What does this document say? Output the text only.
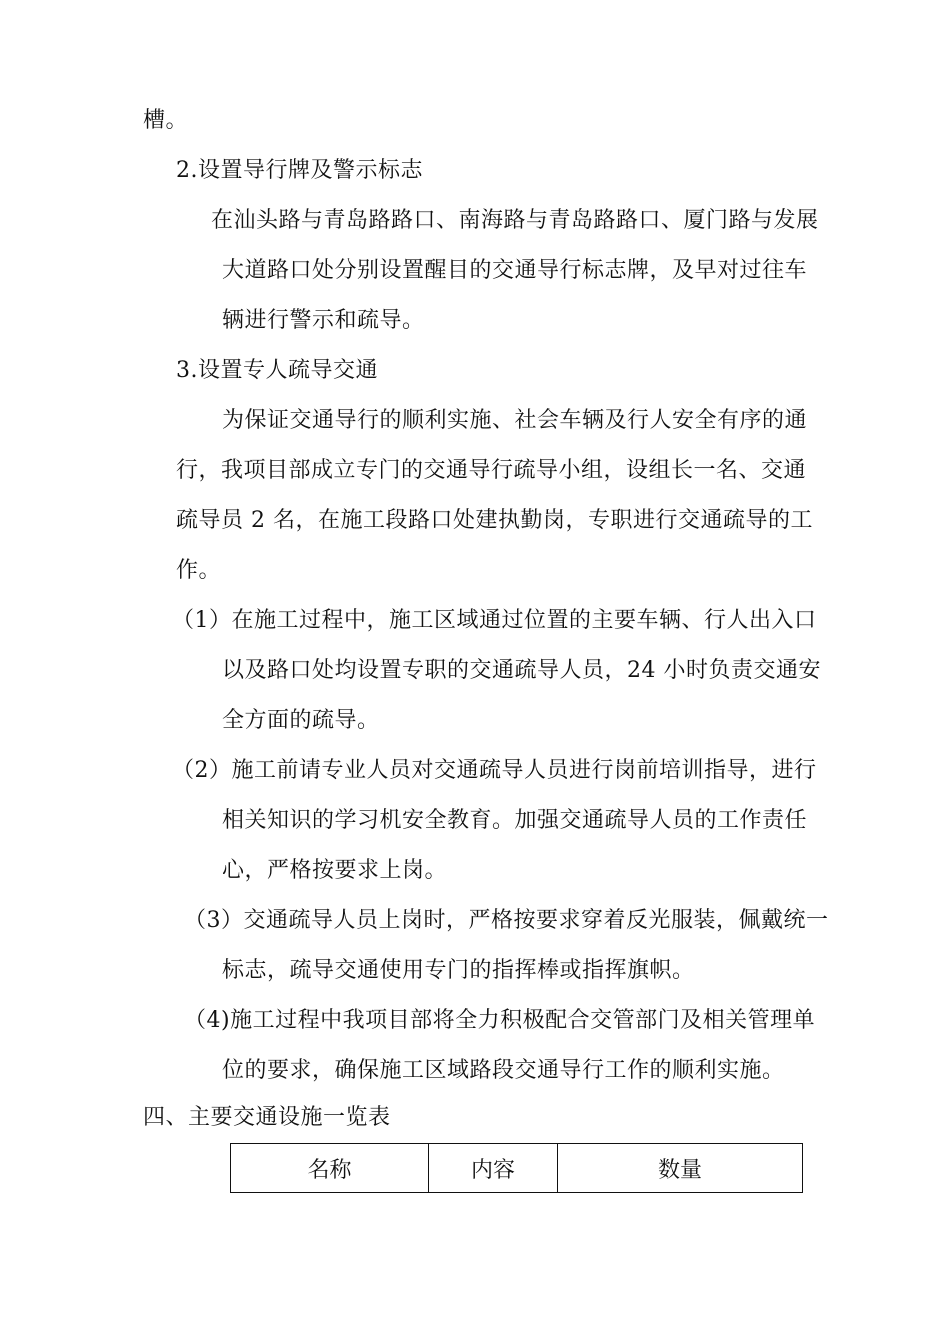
槽。
2.设置导行牌及警示标志
在汕头路与青岛路路口、南海路与青岛路路口、厦门路与发展
大道路口处分别设置醒目的交通导行标志牌，及早对过往车
辆进行警示和疏导。
3.设置专人疏导交通
为保证交通导行的顺利实施、社会车辆及行人安全有序的通
行，我项目部成立专门的交通导行疏导小组，设组长一名、交通
疏导员 2 名，在施工段路口处建执勤岗，专职进行交通疏导的工
作。
（1）在施工过程中，施工区域通过位置的主要车辆、行人出入口
以及路口处均设置专职的交通疏导人员，24 小时负责交通安
全方面的疏导。
（2）施工前请专业人员对交通疏导人员进行岗前培训指导，进行
相关知识的学习机安全教育。加强交通疏导人员的工作责任
心，严格按要求上岗。
（3）交通疏导人员上岗时，严格按要求穿着反光服装，佩戴统一
标志，疏导交通使用专门的指挥棒或指挥旗帜。
（4)施工过程中我项目部将全力积极配合交管部门及相关管理单
位的要求，确保施工区域路段交通导行工作的顺利实施。
四、主要交通设施一览表
名称	内容	数量
